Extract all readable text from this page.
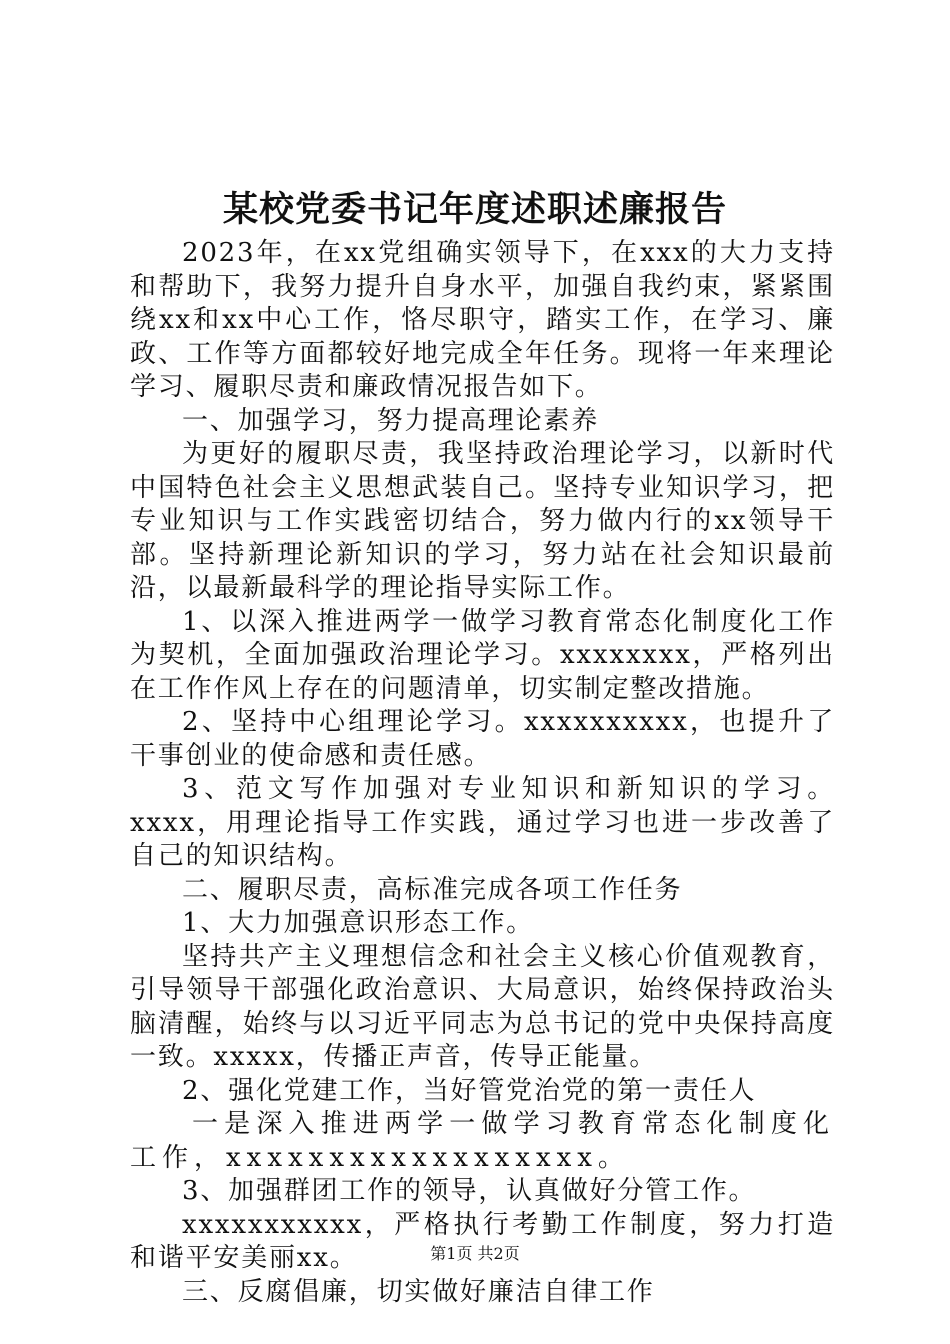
某校党委书记年度述职述廉报告

2023年，在xx党组确实领导下，在xxx的大力支持和帮助下，我努力提升自身水平，加强自我约束，紧紧围绕xx和xx中心工作，恪尽职守，踏实工作，在学习、廉政、工作等方面都较好地完成全年任务。现将一年来理论学习、履职尽责和廉政情况报告如下。

一、加强学习，努力提高理论素养

为更好的履职尽责，我坚持政治理论学习，以新时代中国特色社会主义思想武装自己。坚持专业知识学习，把专业知识与工作实践密切结合，努力做内行的xx领导干部。坚持新理论新知识的学习，努力站在社会知识最前沿，以最新最科学的理论指导实际工作。

1、以深入推进两学一做学习教育常态化制度化工作为契机，全面加强政治理论学习。xxxxxxxx，严格列出在工作作风上存在的问题清单，切实制定整改措施。

2、坚持中心组理论学习。xxxxxxxxxx，也提升了干事创业的使命感和责任感。

3、范文写作加强对专业知识和新知识的学习。xxxx，用理论指导工作实践，通过学习也进一步改善了自己的知识结构。

二、履职尽责，高标准完成各项工作任务

1、大力加强意识形态工作。

坚持共产主义理想信念和社会主义核心价值观教育，引导领导干部强化政治意识、大局意识，始终保持政治头脑清醒，始终与以习近平同志为总书记的党中央保持高度一致。xxxxx，传播正声音，传导正能量。

2、强化党建工作，当好管党治党的第一责任人

一是深入推进两学一做学习教育常态化制度化工作，xxxxxxxxxxxxxxxxxx。

3、加强群团工作的领导，认真做好分管工作。

xxxxxxxxxxx，严格执行考勤工作制度，努力打造和谐平安美丽xx。

三、反腐倡廉，切实做好廉洁自律工作

第1页 共2页
